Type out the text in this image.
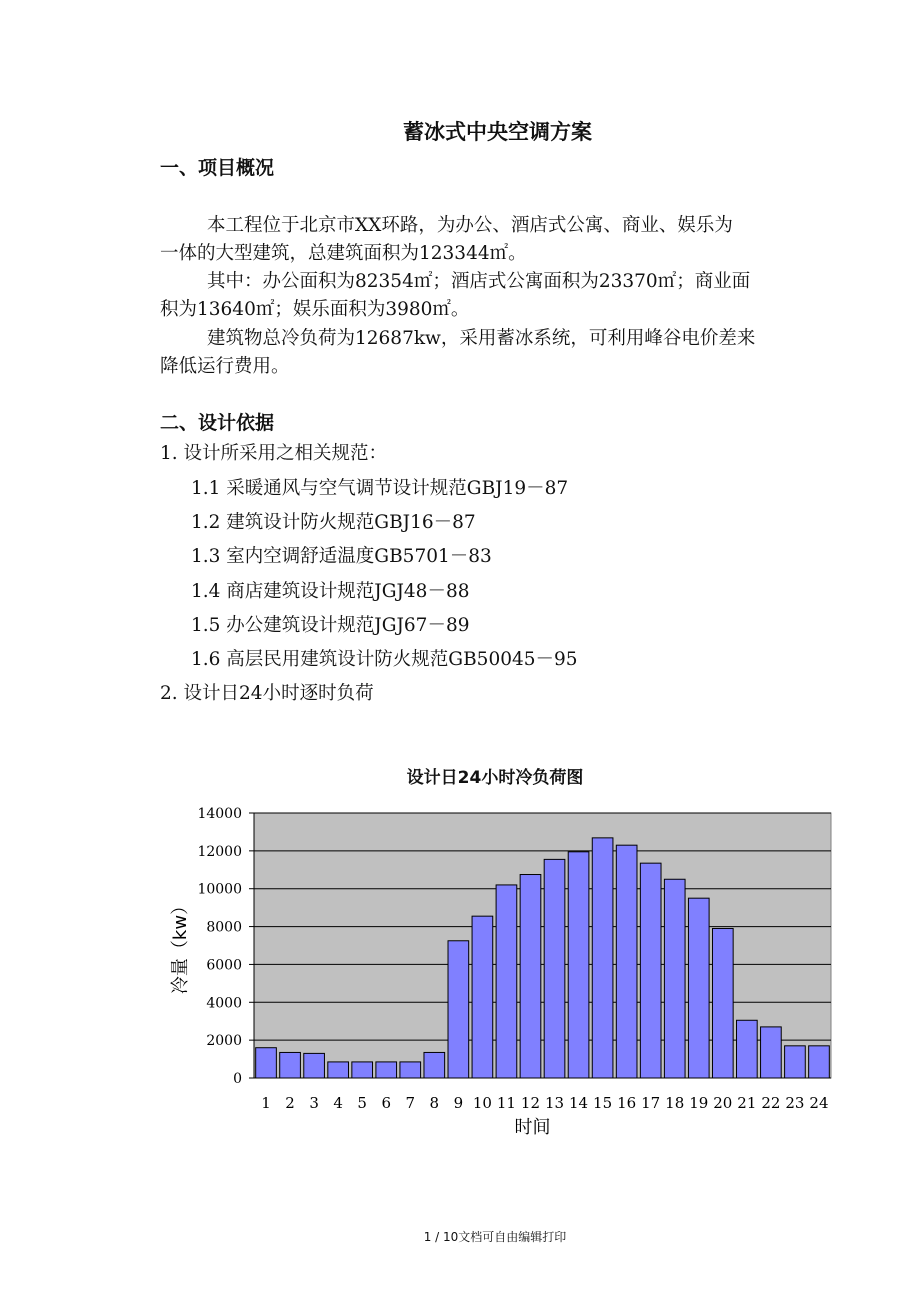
蓄冰式中央空调方案
一、项目概况
本工程位于北京市XX环路，为办公、酒店式公寓、商业、娱乐为
一体的大型建筑，总建筑面积为123344㎡。
其中：办公面积为82354㎡；酒店式公寓面积为23370㎡；商业面
积为13640㎡；娱乐面积为3980㎡。
建筑物总冷负荷为12687kw，采用蓄冰系统，可利用峰谷电价差来
降低运行费用。
二、设计依据
1. 设计所采用之相关规范：
1.1 采暖通风与空气调节设计规范GBJ19－87
1.2 建筑设计防火规范GBJ16－87
1.3 室内空调舒适温度GB5701－83
1.4 商店建筑设计规范JGJ48－88
1.5 办公建筑设计规范JGJ67－89
1.6 高层民用建筑设计防火规范GB50045－95
2. 设计日24小时逐时负荷
设计日24小时冷负荷图
0
2000
4000
6000
8000
10000
12000
14000
1 2 3 4 5 6 7 8 9 10 11 12 13 14 15 16 17 18 19 20 21 22 23 24
时间
冷量（kw）
1 / 10文档可自由编辑打印
